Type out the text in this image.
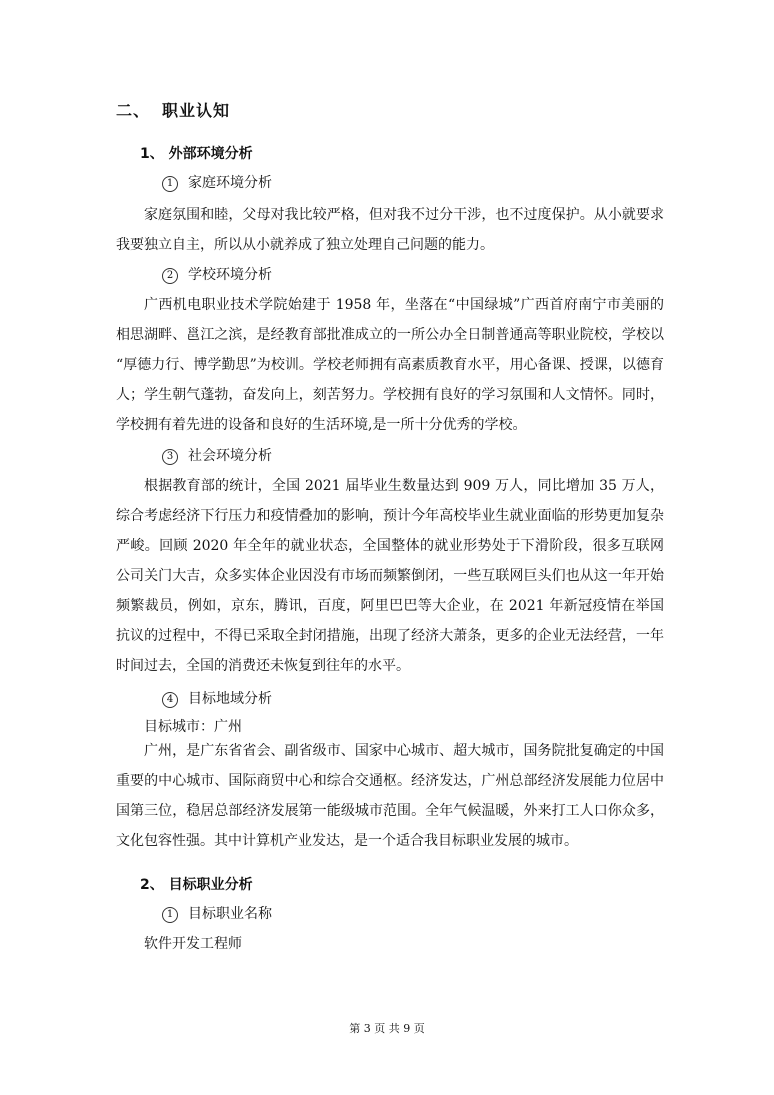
二、 职业认知
1、 外部环境分析
1 家庭环境分析
家庭氛围和睦，父母对我比较严格，但对我不过分干涉，也不过度保护。从小就要求我要独立自主，所以从小就养成了独立处理自己问题的能力。
2 学校环境分析
广西机电职业技术学院始建于 1958 年，坐落在“中国绿城”广西首府南宁市美丽的相思湖畔、邕江之滨，是经教育部批准成立的一所公办全日制普通高等职业院校，学校以 “厚德力行、博学勤思”为校训。学校老师拥有高素质教育水平，用心备课、授课，以德育人；学生朝气蓬勃，奋发向上，刻苦努力。学校拥有良好的学习氛围和人文情怀。同时，学校拥有着先进的设备和良好的生活环境,是一所十分优秀的学校。
3 社会环境分析
根据教育部的统计，全国 2021 届毕业生数量达到 909 万人，同比增加 35 万人，综合考虑经济下行压力和疫情叠加的影响，预计今年高校毕业生就业面临的形势更加复杂严峻。回顾 2020 年全年的就业状态，全国整体的就业形势处于下滑阶段，很多互联网公司关门大吉，众多实体企业因没有市场而频繁倒闭，一些互联网巨头们也从这一年开始频繁裁员，例如，京东，腾讯，百度，阿里巴巴等大企业，在 2021 年新冠疫情在举国抗议的过程中，不得已采取全封闭措施，出现了经济大萧条，更多的企业无法经营，一年时间过去，全国的消费还未恢复到往年的水平。
4 目标地域分析
目标城市：广州
广州，是广东省省会、副省级市、国家中心城市、超大城市，国务院批复确定的中国重要的中心城市、国际商贸中心和综合交通枢。经济发达，广州总部经济发展能力位居中国第三位，稳居总部经济发展第一能级城市范围。全年气候温暖，外来打工人口你众多，文化包容性强。其中计算机产业发达，是一个适合我目标职业发展的城市。
2、 目标职业分析
1 目标职业名称
软件开发工程师
第 3 页 共 9 页
